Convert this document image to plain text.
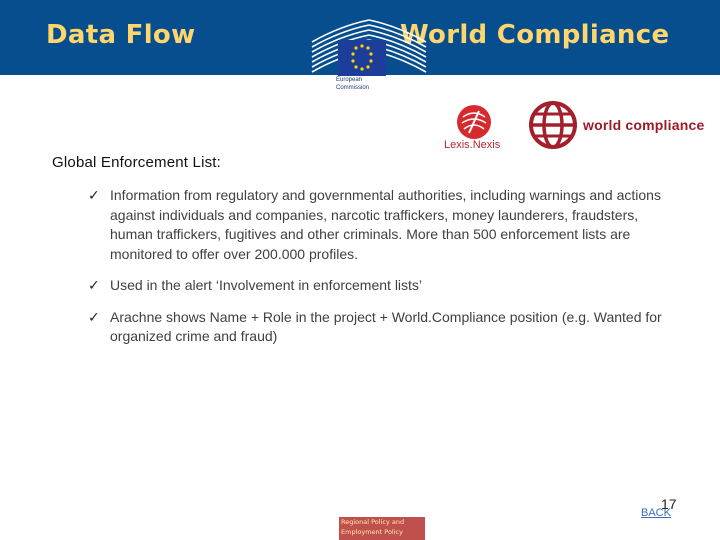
Data Flow	World Compliance
European
Commission
Lexis.Nexis
world compliance
Global Enforcement List:
✓ Information from regulatory and governmental authorities, including warnings and actions against individuals and companies, narcotic traffickers, money launderers, fraudsters, human traffickers, fugitives and other criminals. More than 500 enforcement lists are monitored to offer over 200.000 profiles.
✓ Used in the alert ‘Involvement in enforcement lists’
✓ Arachne shows Name + Role in the project + World.Compliance position (e.g. Wanted for organized crime and fraud)
Regional Policy and
Employment Policy
17
BACK
